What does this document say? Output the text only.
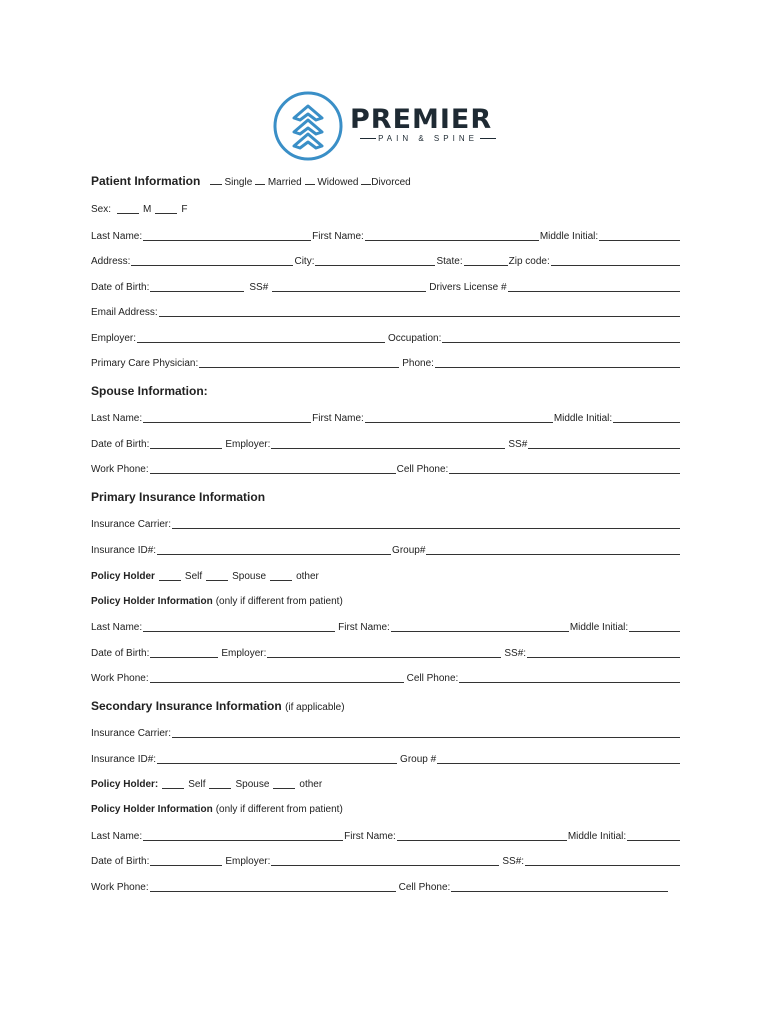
PREMIER
PAIN & SPINE
Patient Information Single Married Widowed Divorced
Sex:	M	F
Last Name:	First Name:	Middle Initial:
Address:	City:	State:	Zip code:
Date of Birth:	SS#	Drivers License #
Email Address:
Employer:	Occupation:
Primary Care Physician:	Phone:
Spouse Information:
Last Name:	First Name:	Middle Initial:
Date of Birth:	Employer:	SS#
Work Phone:	Cell Phone:
Primary Insurance Information
Insurance Carrier:
Insurance ID#:	Group#
Policy Holder	Self	Spouse	other
Policy Holder Information (only if different from patient)
Last Name:	First Name:	Middle Initial:
Date of Birth:	Employer:	SS#:
Work Phone:	Cell Phone:
Secondary Insurance Information (if applicable)
Insurance Carrier:
Insurance ID#:	Group #
Policy Holder:	Self	Spouse	other
Policy Holder Information (only if different from patient)
Last Name:	First Name:	Middle Initial:
Date of Birth:	Employer:	SS#:
Work Phone:	Cell Phone:
